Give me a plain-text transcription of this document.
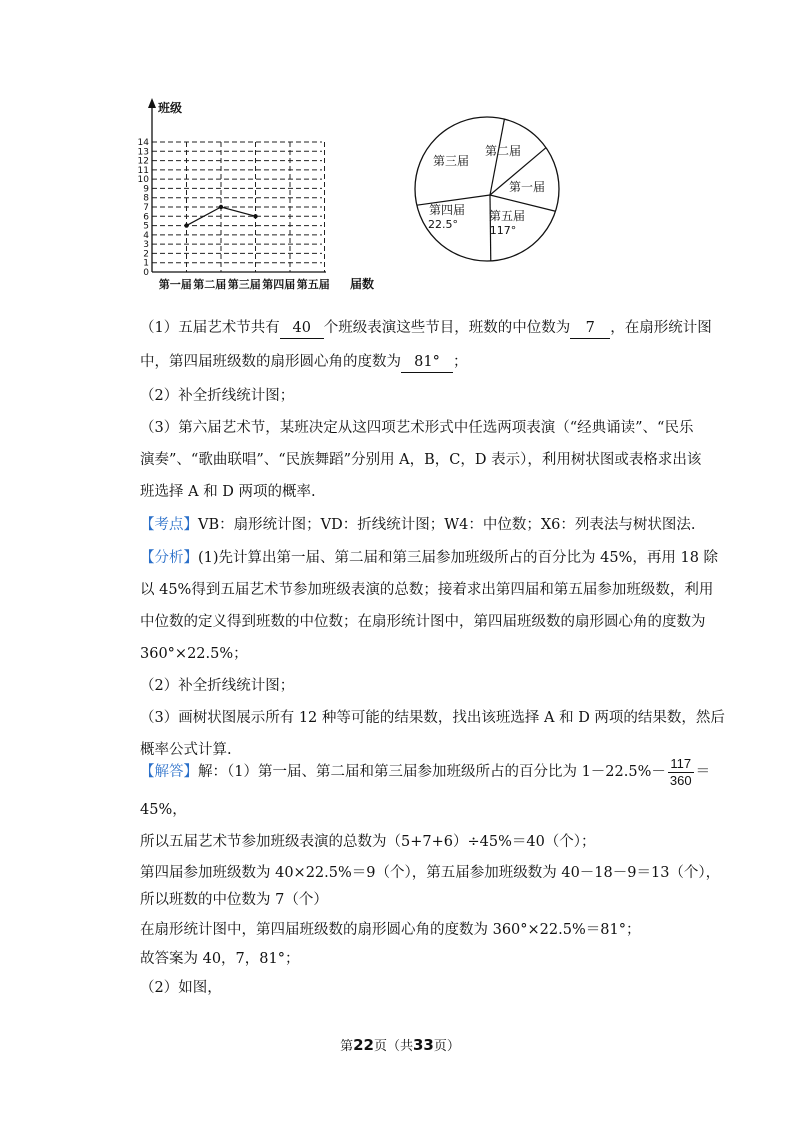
0
1
2
3
4
5
6
7
8
9
10
11
12
13
14
第一届 第二届 第三届 第四届 第五届
班级
届数
第一届
第二届
第三届
第四届
22.5°
第五届
117°
（1）五届艺术节共有 40 个班级表演这些节目，班数的中位数为 7 ，在扇形统计图
中，第四届班级数的扇形圆心角的度数为 81° ；
（2）补全折线统计图；
（3）第六届艺术节，某班决定从这四项艺术形式中任选两项表演（“经典诵读”、“民乐
演奏”、“歌曲联唱”、“民族舞蹈”分别用 A，B，C，D 表示），利用树状图或表格求出该
班选择 A 和 D 两项的概率.
【考点】VB：扇形统计图；VD：折线统计图；W4：中位数；X6：列表法与树状图法.
【分析】(1)先计算出第一届、第二届和第三届参加班级所占的百分比为 45%，再用 18 除
以 45%得到五届艺术节参加班级表演的总数；接着求出第四届和第五届参加班级数，利用
中位数的定义得到班数的中位数；在扇形统计图中，第四届班级数的扇形圆心角的度数为
360°×22.5%；
（2）补全折线统计图；
（3）画树状图展示所有 12 种等可能的结果数，找出该班选择 A 和 D 两项的结果数，然后
概率公式计算.
【解答】解：（1）第一届、第二届和第三届参加班级所占的百分比为 $1-22.5\%- \frac{117}{360}$ ＝
45%，
所以五届艺术节参加班级表演的总数为（5+7+6）÷45%＝40（个）；
第四届参加班级数为 40×22.5%＝9（个），第五届参加班级数为 40－18－9＝13（个），
所以班数的中位数为 7（个）
在扇形统计图中，第四届班级数的扇形圆心角的度数为 360°×22.5%＝81°；
故答案为 40，7，81°；
（2）如图，
第22页（共33页）
